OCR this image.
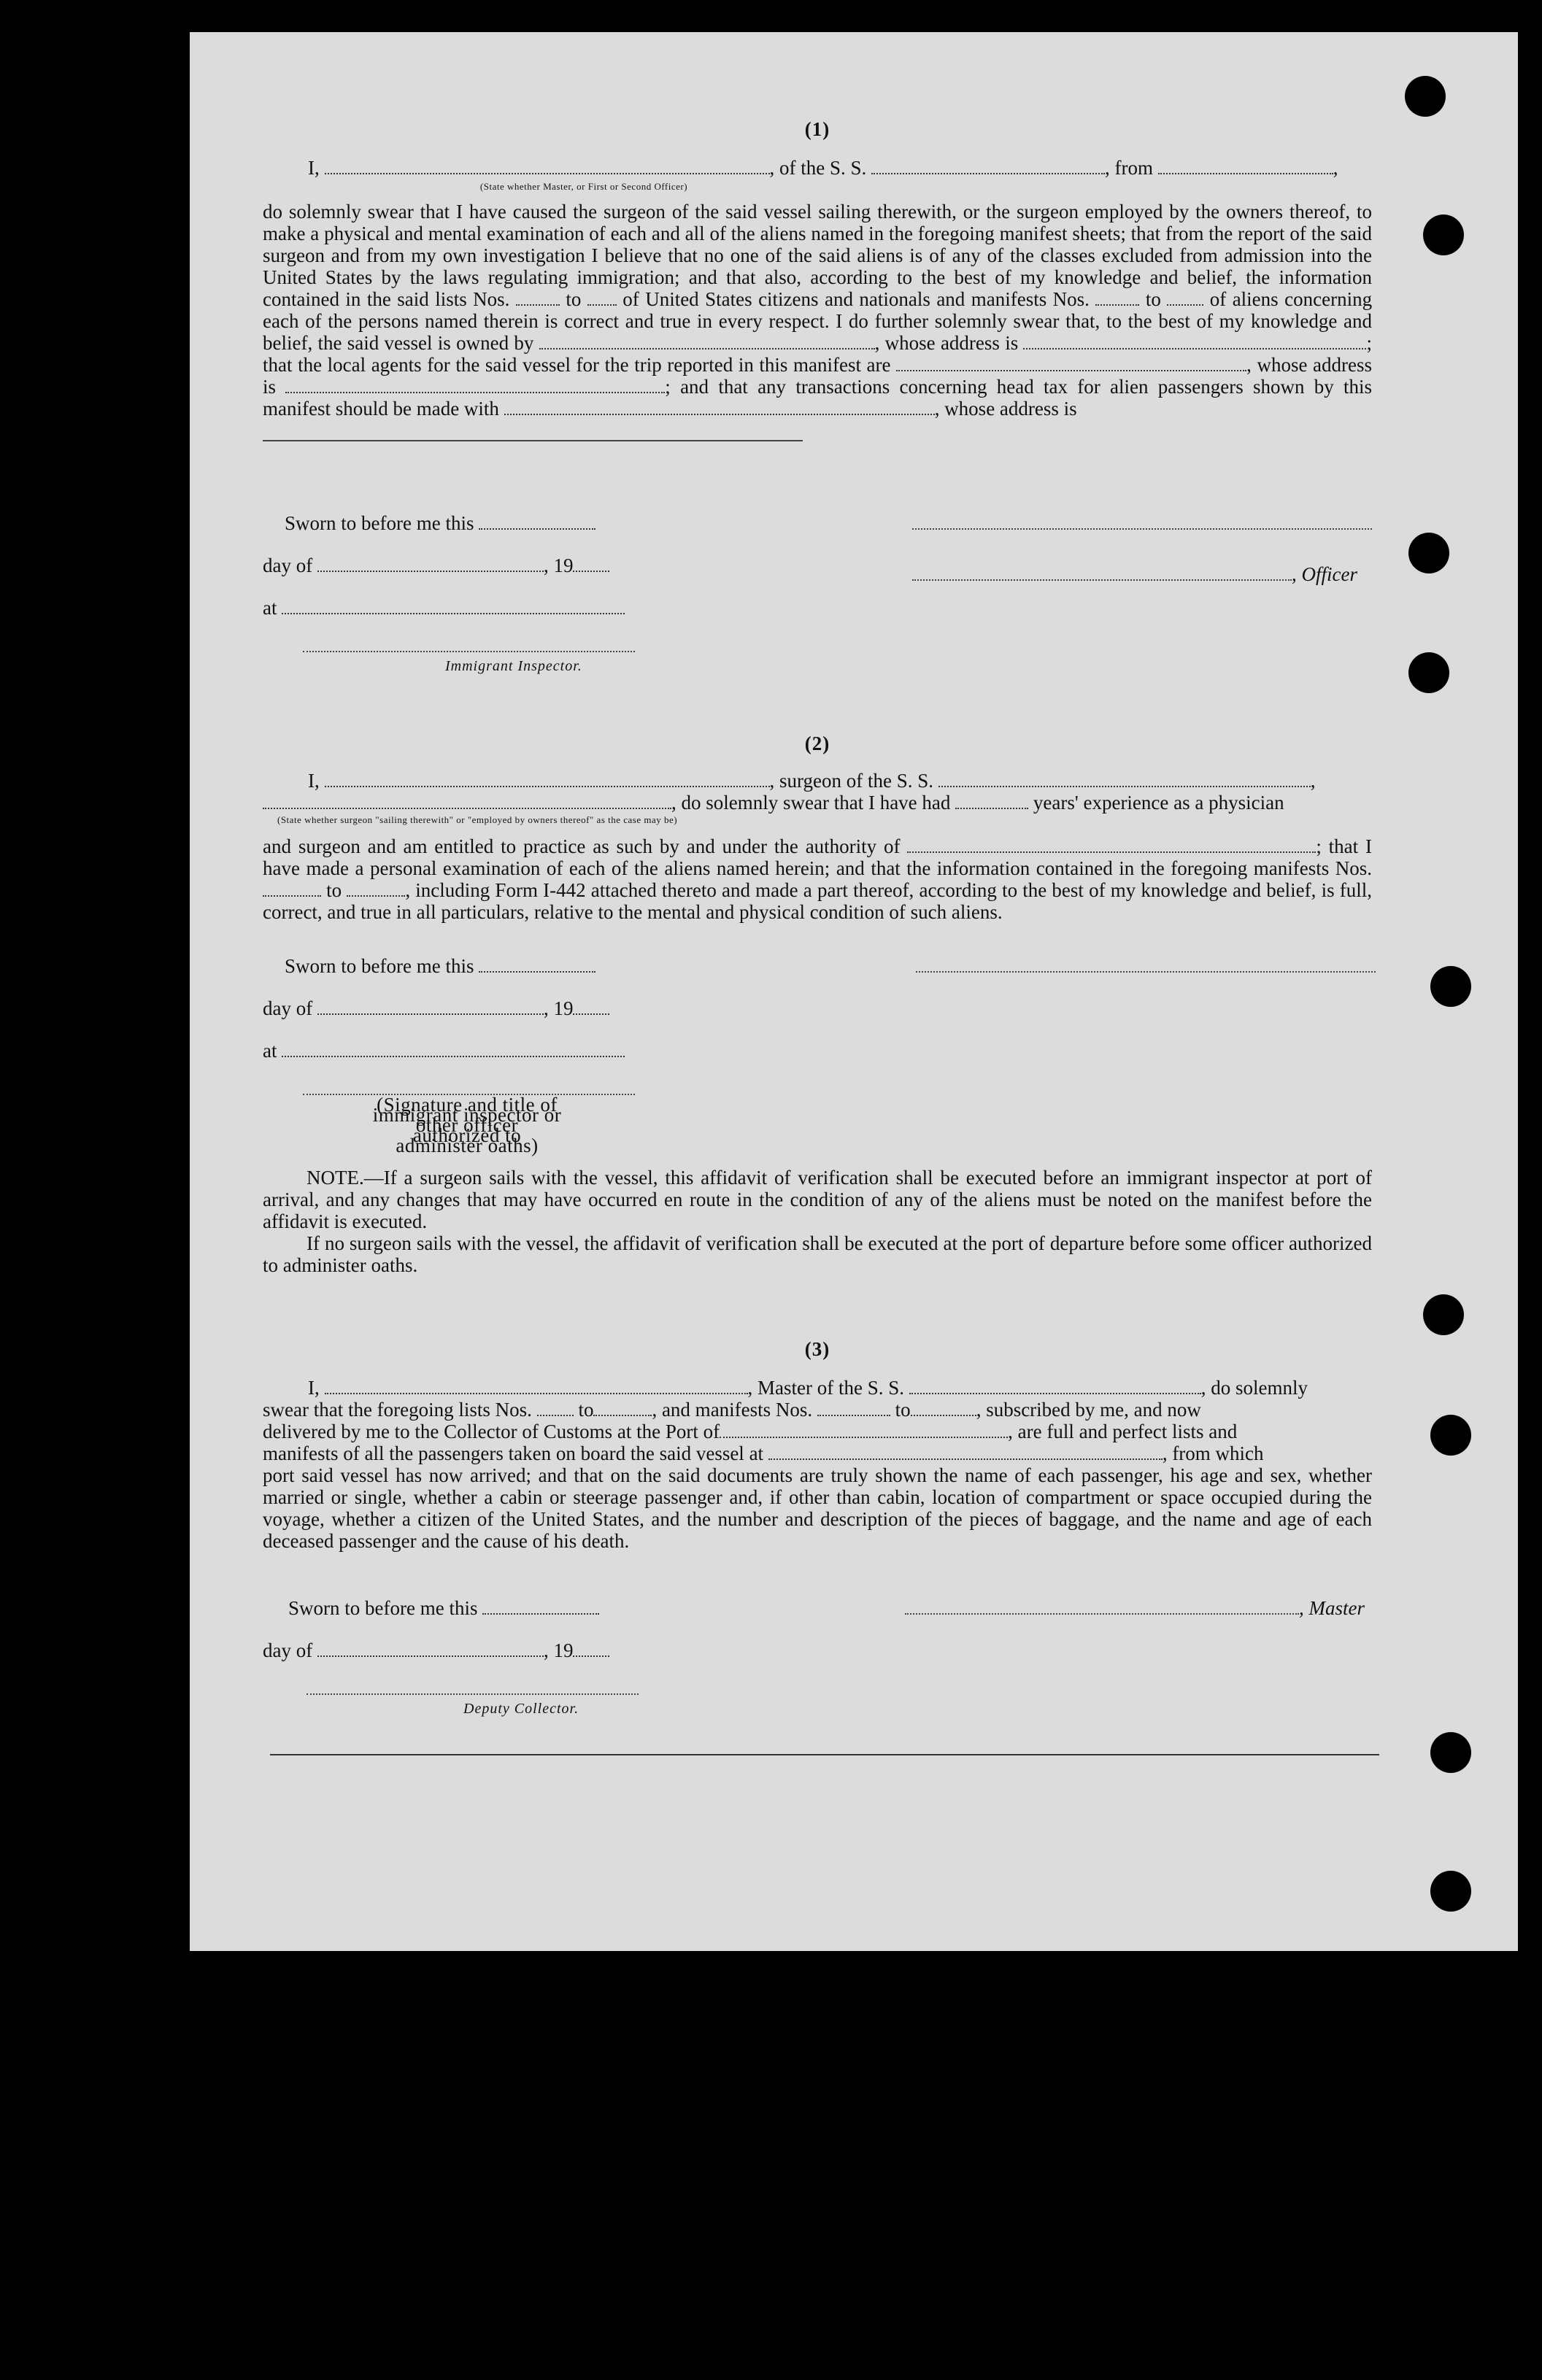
(1)
I,	, of the S. S.	, from	,
(State whether Master, or First or Second Officer)
do solemnly swear that I have caused the surgeon of the said vessel sailing therewith, or the surgeon employed by the owners thereof, to make a physical and mental examination of each and all of the aliens named in the foregoing manifest sheets; that from the report of the said surgeon and from my own investigation I believe that no one of the said aliens is of any of the classes excluded from admission into the United States by the laws regulating immigration; and that also, according to the best of my knowledge and belief, the information contained in the said lists Nos.	to of United States citizens and nationals and manifests Nos.	to of aliens concerning each of the persons named therein is correct and true in every respect. I do further solemnly swear that, to the best of my knowledge and belief, the said vessel is owned by	, whose address is	; that the local agents for the said vessel for the trip reported in this manifest are	, whose address is	; and that any transactions concerning head tax for alien passengers shown by this manifest should be made with	, whose address is
Sworn to before me this
day of	, 19
at
Immigrant Inspector.
, Officer
(2)
I,	, surgeon of the S. S.	,
, do solemnly swear that I have had	years' experience as a physician
(State whether surgeon "sailing therewith" or "employed by owners thereof" as the case may be)
and surgeon and am entitled to practice as such by and under the authority of	; that I have made a personal examination of each of the aliens named herein; and that the information contained in the foregoing manifests Nos.  to	, including Form I-442 attached thereto and made a part thereof, according to the best of my knowledge and belief, is full, correct, and true in all particulars, relative to the mental and physical condition of such aliens.
Sworn to before me this
day of	, 19
at
(Signature and title of immigrant inspector or other officer authorized to administer oaths)
NOTE.—If a surgeon sails with the vessel, this affidavit of verification shall be executed before an immigrant inspector at port of arrival, and any changes that may have occurred en route in the condition of any of the aliens must be noted on the manifest before the affidavit is executed.
If no surgeon sails with the vessel, the affidavit of verification shall be executed at the port of departure before some officer authorized to administer oaths.
(3)
I,	, Master of the S. S.	, do solemnly
swear that the foregoing lists Nos. to	, and manifests Nos.	to	, subscribed by me, and now
delivered by me to the Collector of Customs at the Port of	, are full and perfect lists and
manifests of all the passengers taken on board the said vessel at	, from which
port said vessel has now arrived; and that on the said documents are truly shown the name of each passenger, his age and sex, whether married or single, whether a cabin or steerage passenger and, if other than cabin, location of compartment or space occupied during the voyage, whether a citizen of the United States, and the number and description of the pieces of baggage, and the name and age of each deceased passenger and the cause of his death.
Sworn to before me this
day of	, 19
Deputy Collector.
, Master
